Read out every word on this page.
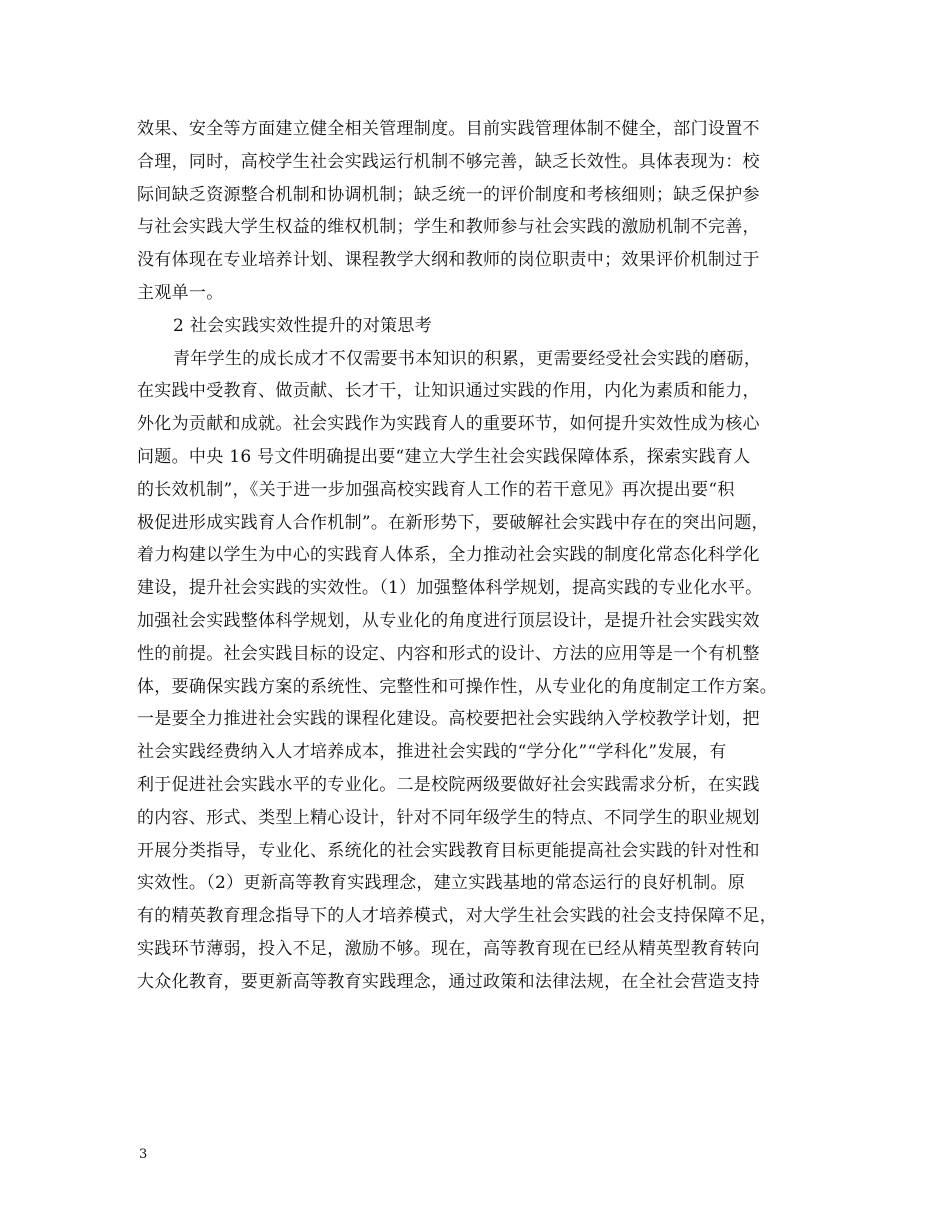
效果、安全等方面建立健全相关管理制度。目前实践管理体制不健全，部门设置不
合理，同时，高校学生社会实践运行机制不够完善，缺乏长效性。具体表现为：校
际间缺乏资源整合机制和协调机制；缺乏统一的评价制度和考核细则；缺乏保护参
与社会实践大学生权益的维权机制；学生和教师参与社会实践的激励机制不完善，
没有体现在专业培养计划、课程教学大纲和教师的岗位职责中；效果评价机制过于
主观单一。
2 社会实践实效性提升的对策思考
青年学生的成长成才不仅需要书本知识的积累，更需要经受社会实践的磨砺，
在实践中受教育、做贡献、长才干，让知识通过实践的作用，内化为素质和能力，
外化为贡献和成就。社会实践作为实践育人的重要环节，如何提升实效性成为核心
问题。中央 16 号文件明确提出要“建立大学生社会实践保障体系，探索实践育人
的长效机制”，《关于进一步加强高校实践育人工作的若干意见》再次提出要“积
极促进形成实践育人合作机制”。在新形势下，要破解社会实践中存在的突出问题，
着力构建以学生为中心的实践育人体系，全力推动社会实践的制度化常态化科学化
建设，提升社会实践的实效性。（1）加强整体科学规划，提高实践的专业化水平。
加强社会实践整体科学规划，从专业化的角度进行顶层设计，是提升社会实践实效
性的前提。社会实践目标的设定、内容和形式的设计、方法的应用等是一个有机整
体，要确保实践方案的系统性、完整性和可操作性，从专业化的角度制定工作方案。
一是要全力推进社会实践的课程化建设。高校要把社会实践纳入学校教学计划，把
社会实践经费纳入人才培养成本，推进社会实践的“学分化”“学科化”发展，有
利于促进社会实践水平的专业化。二是校院两级要做好社会实践需求分析，在实践
的内容、形式、类型上精心设计，针对不同年级学生的特点、不同学生的职业规划
开展分类指导，专业化、系统化的社会实践教育目标更能提高社会实践的针对性和
实效性。（2）更新高等教育实践理念，建立实践基地的常态运行的良好机制。原
有的精英教育理念指导下的人才培养模式，对大学生社会实践的社会支持保障不足，
实践环节薄弱，投入不足，激励不够。现在，高等教育现在已经从精英型教育转向
大众化教育，要更新高等教育实践理念，通过政策和法律法规，在全社会营造支持
3
